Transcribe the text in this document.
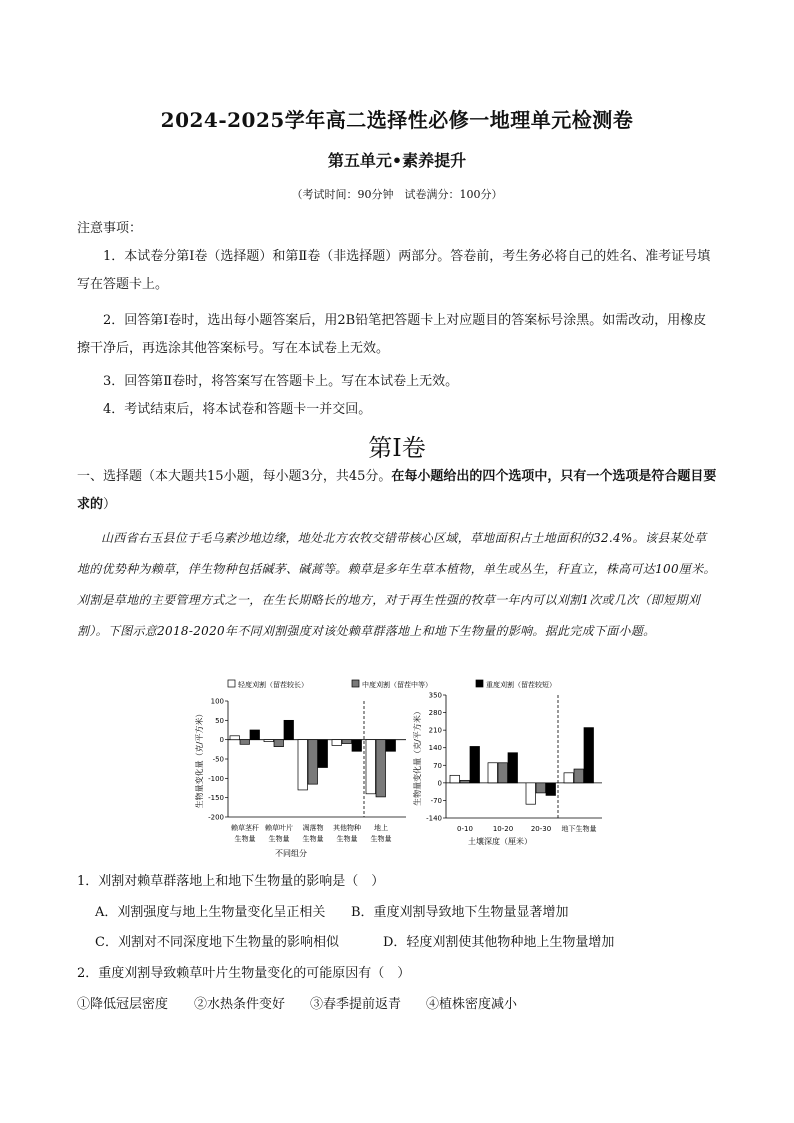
2024-2025学年高二选择性必修一地理单元检测卷
第五单元•素养提升
（考试时间：90分钟　试卷满分：100分）
注意事项：
1．本试卷分第Ⅰ卷（选择题）和第Ⅱ卷（非选择题）两部分。答卷前，考生务必将自己的姓名、准考证号填写在答题卡上。
2．回答第Ⅰ卷时，选出每小题答案后，用2B铅笔把答题卡上对应题目的答案标号涂黑。如需改动，用橡皮擦干净后，再选涂其他答案标号。写在本试卷上无效。
3．回答第Ⅱ卷时，将答案写在答题卡上。写在本试卷上无效。
4．考试结束后，将本试卷和答题卡一并交回。
第Ⅰ卷
一、选择题（本大题共15小题，每小题3分，共45分。在每小题给出的四个选项中，只有一个选项是符合题目要求的）
山西省右玉县位于毛乌素沙地边缘，地处北方农牧交错带核心区域，草地面积占土地面积的32.4%。该县某处草地的优势种为赖草，伴生物种包括碱茅、碱蒿等。赖草是多年生草本植物，单生或丛生，秆直立，株高可达100厘米。刈割是草地的主要管理方式之一，在生长期略长的地方，对于再生性强的牧草一年内可以刈割1次或几次（即短期刈割）。下图示意2018-2020年不同刈割强度对该处赖草群落地上和地下生物量的影响。据此完成下面小题。
100
50
0
-50
-100
-150
-200
生物量变化量（克/平方米）
赖草茎秆
生物量
赖草叶片
生物量
凋落物
生物量
其他物种
生物量
地上
生物量
不同组分
轻度刈割（留茬较长）	中度刈割（留茬中等）	重度刈割（留茬较短）
350
280
210
140
70
0
-70
-140
生物量变化量（克/平方米）
0-10	10-20	20-30 地下生物量
土壤深度（厘米）
1．刈割对赖草群落地上和地下生物量的影响是（　）
A．刈割强度与地上生物量变化呈正相关 B．重度刈割导致地下生物量显著增加
C．刈割对不同深度地下生物量的影响相似	D．轻度刈割使其他物种地上生物量增加
2．重度刈割导致赖草叶片生物量变化的可能原因有（　）
①降低冠层密度 ②水热条件变好 ③春季提前返青 ④植株密度减小
